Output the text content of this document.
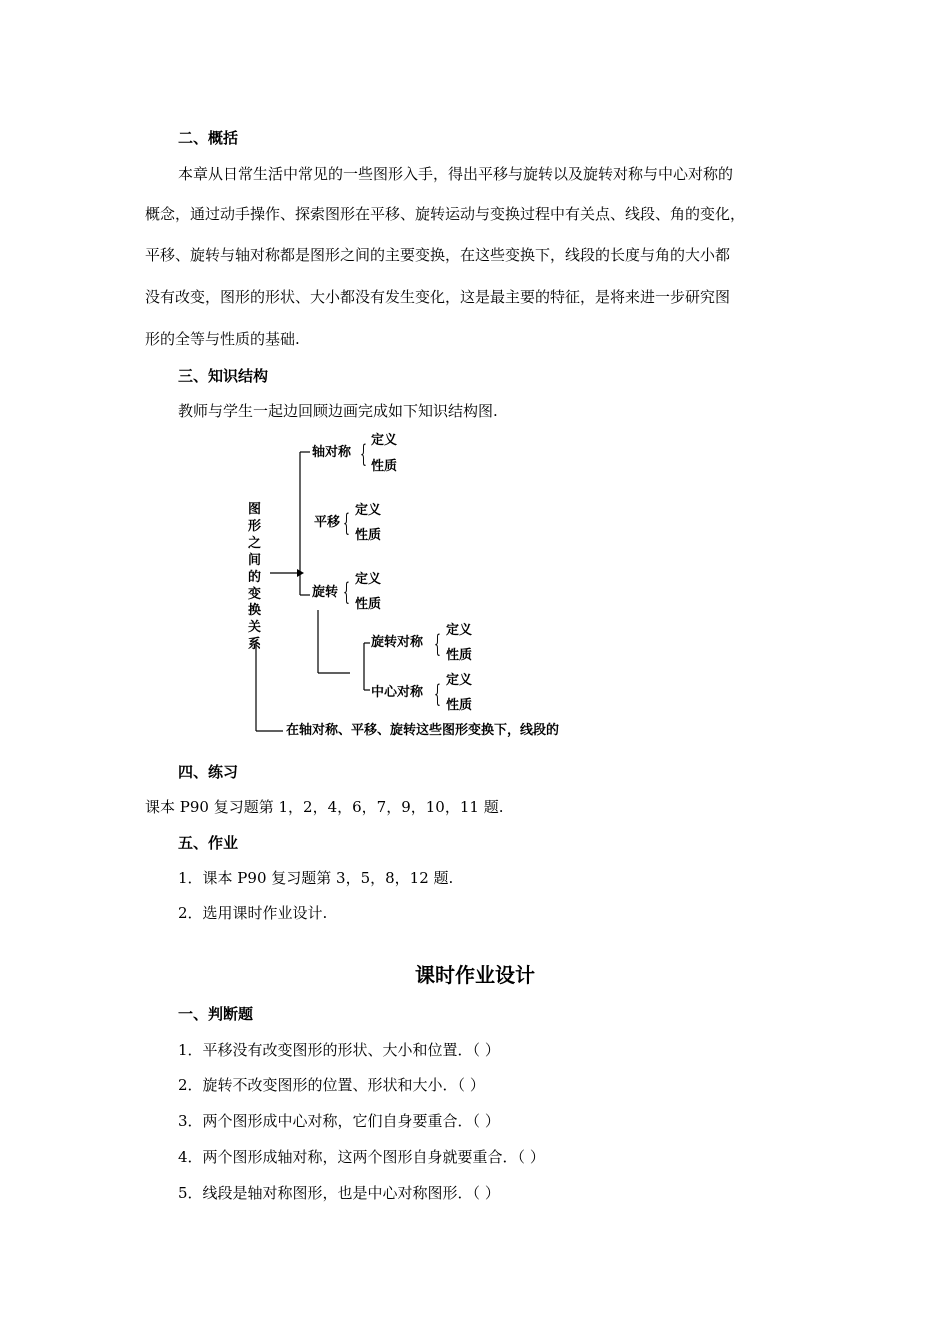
二、概括
本章从日常生活中常见的一些图形入手，得出平移与旋转以及旋转对称与中心对称的
概念，通过动手操作、探索图形在平移、旋转运动与变换过程中有关点、线段、角的变化，
平移、旋转与轴对称都是图形之间的主要变换，在这些变换下，线段的长度与角的大小都
没有改变，图形的形状、大小都没有发生变化，这是最主要的特征，是将来进一步研究图
形的全等与性质的基础.
三、知识结构
教师与学生一起边回顾边画完成如下知识结构图.
图形之间的变换关系
轴对称 { 定义
性质
平移 { 定义
性质
旋转 { 定义
性质
旋转对称 { 定义
性质
中心对称 { 定义
性质
在轴对称、平移、旋转这些图形变换下，线段的
四、练习
课本 P90 复习题第 1，2，4，6，7，9，10，11 题.
五、作业
1．课本 P90 复习题第 3，5，8，12 题.
2．选用课时作业设计.
课时作业设计
一、判断题
1．平移没有改变图形的形状、大小和位置．（ ）
2．旋转不改变图形的位置、形状和大小．（ ）
3．两个图形成中心对称，它们自身要重合．（ ）
4．两个图形成轴对称，这两个图形自身就要重合．（ ）
5．线段是轴对称图形，也是中心对称图形．（ ）
